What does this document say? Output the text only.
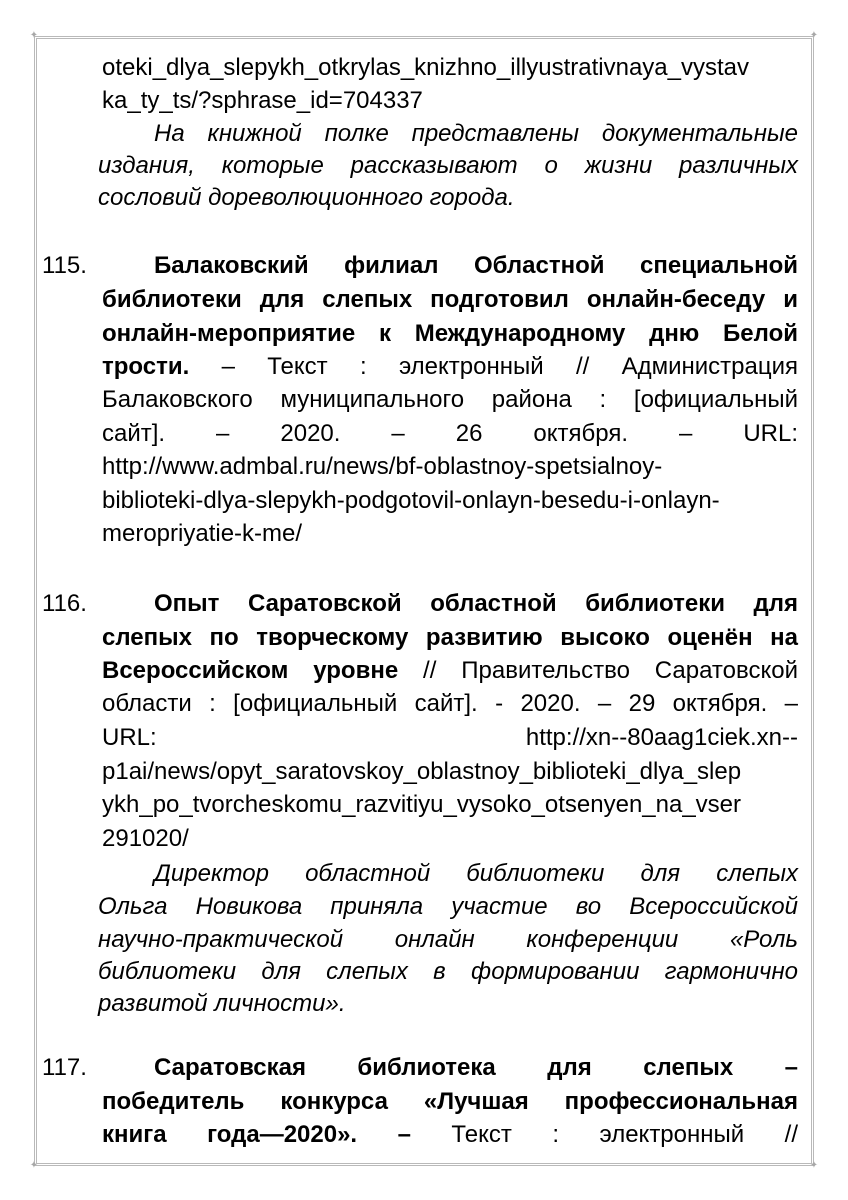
✦	✦
✦	✦
oteki_dlya_slepykh_otkrylas_knizhno_illyustrativnaya_vystav
ka_ty_ts/?sphrase_id=704337
На книжной полке представлены документальные
издания, которые рассказывают о жизни различных
сословий дореволюционного города.
115.	Балаковский филиал Областной специальной
библиотеки для слепых подготовил онлайн-беседу и
онлайн-мероприятие к Международному дню Белой
трости. – Текст : электронный // Администрация
Балаковского муниципального района : [официальный
сайт]. – 2020. – 26 октября. – URL:
http://www.admbal.ru/news/bf-oblastnoy-spetsialnoy-
biblioteki-dlya-slepykh-podgotovil-onlayn-besedu-i-onlayn-
meropriyatie-k-me/
116.	Опыт Саратовской областной библиотеки для
слепых по творческому развитию высоко оценён на
Всероссийском уровне // Правительство Саратовской
области : [официальный сайт]. - 2020. – 29 октября. –
URL: http://xn--80aag1ciek.xn--
p1ai/news/opyt_saratovskoy_oblastnoy_biblioteki_dlya_slep
ykh_po_tvorcheskomu_razvitiyu_vysoko_otsenyen_na_vser
291020/
Директор областной библиотеки для слепых
Ольга Новикова приняла участие во Всероссийской
научно-практической онлайн конференции «Роль
библиотеки для слепых в формировании гармонично
развитой личности».
117.	Саратовская библиотека для слепых –
победитель конкурса «Лучшая профессиональная
книга года—2020». – Текст : электронный //
